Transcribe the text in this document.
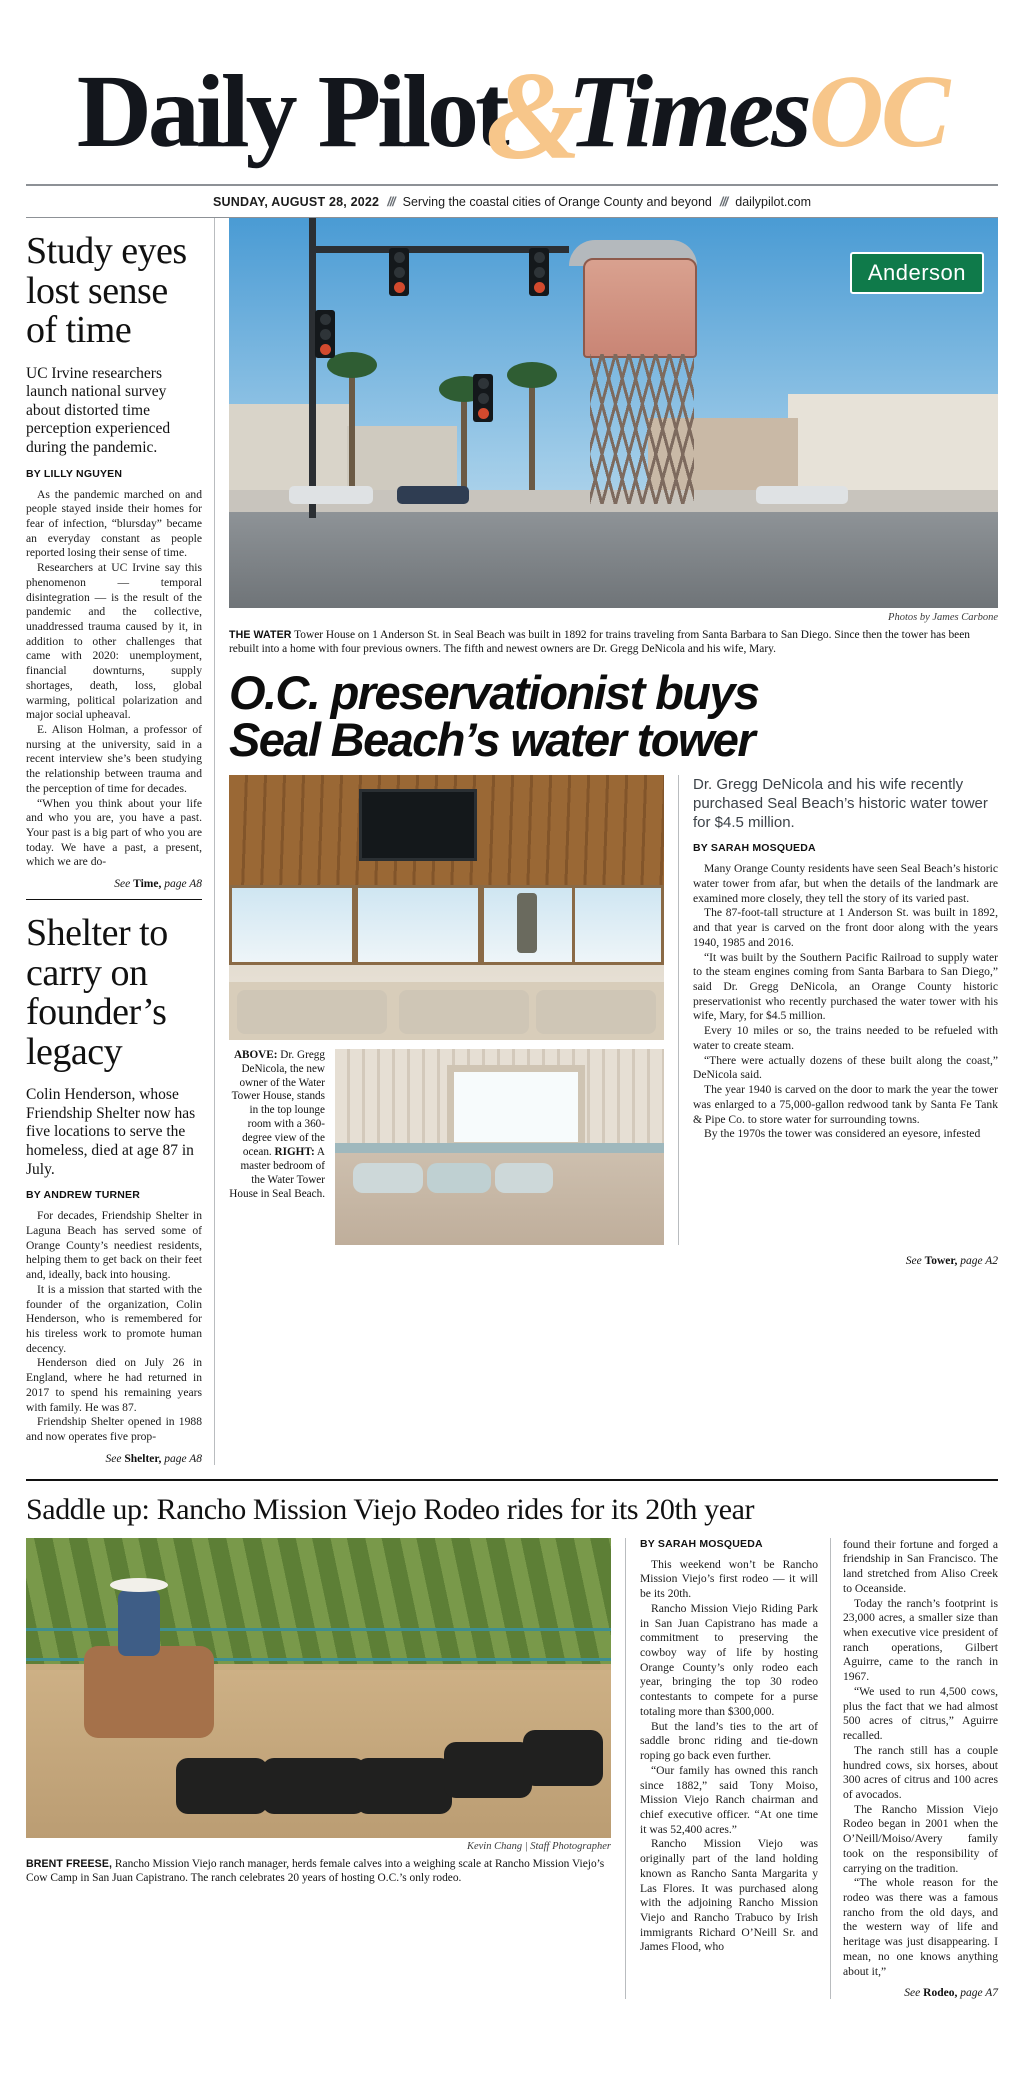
Daily Pilot&TimesOC
SUNDAY, AUGUST 28, 2022 /// Serving the coastal cities of Orange County and beyond /// dailypilot.com
Study eyes lost sense of time
UC Irvine researchers launch national survey about distorted time perception experienced during the pandemic.
BY LILLY NGUYEN

As the pandemic marched on and people stayed inside their homes for fear of infection, “blursday” became an everyday constant as people reported losing their sense of time.

Researchers at UC Irvine say this phenomenon — temporal disintegration — is the result of the pandemic and the collective, unaddressed trauma caused by it, in addition to other challenges that came with 2020: unemployment, financial downturns, supply shortages, death, loss, global warming, political polarization and major social upheaval.

E. Alison Holman, a professor of nursing at the university, said in a recent interview she’s been studying the relationship between trauma and the perception of time for decades.

“When you think about your life and who you are, you have a past. Your past is a big part of who you are today. We have a past, a present, which we are do-

See Time, page A8
Shelter to carry on founder’s legacy
Colin Henderson, whose Friendship Shelter now has five locations to serve the homeless, died at age 87 in July.
BY ANDREW TURNER

For decades, Friendship Shelter in Laguna Beach has served some of Orange County’s neediest residents, helping them to get back on their feet and, ideally, back into housing.

It is a mission that started with the founder of the organization, Colin Henderson, who is remembered for his tireless work to promote human decency.

Henderson died on July 26 in England, where he had returned in 2017 to spend his remaining years with family. He was 87.

Friendship Shelter opened in 1988 and now operates five prop-

See Shelter, page A8
Anderson
Photos by James Carbone
THE WATER Tower House on 1 Anderson St. in Seal Beach was built in 1892 for trains traveling from Santa Barbara to San Diego. Since then the tower has been rebuilt into a home with four previous owners. The fifth and newest owners are Dr. Gregg DeNicola and his wife, Mary.
O.C. preservationist buys
Seal Beach’s water tower
ABOVE: Dr. Gregg DeNicola, the new owner of the Water Tower House, stands in the top lounge room with a 360-degree view of the ocean. RIGHT: A master bedroom of the Water Tower House in Seal Beach.
Dr. Gregg DeNicola and his wife recently purchased Seal Beach’s historic water tower for $4.5 million.
BY SARAH MOSQUEDA

Many Orange County residents have seen Seal Beach’s historic water tower from afar, but when the details of the landmark are examined more closely, they tell the story of its varied past.

The 87-foot-tall structure at 1 Anderson St. was built in 1892, and that year is carved on the front door along with the years 1940, 1985 and 2016.

“It was built by the Southern Pacific Railroad to supply water to the steam engines coming from Santa Barbara to San Diego,” said Dr. Gregg DeNicola, an Orange County historic preservationist who recently purchased the water tower with his wife, Mary, for $4.5 million.

Every 10 miles or so, the trains needed to be refueled with water to create steam.

“There were actually dozens of these built along the coast,” DeNicola said.

The year 1940 is carved on the door to mark the year the tower was enlarged to a 75,000-gallon redwood tank by Santa Fe Tank & Pipe Co. to store water for surrounding towns.

By the 1970s the tower was considered an eyesore, infested

See Tower, page A2
Saddle up: Rancho Mission Viejo Rodeo rides for its 20th year
Kevin Chang | Staff Photographer
BRENT FREESE, Rancho Mission Viejo ranch manager, herds female calves into a weighing scale at Rancho Mission Viejo’s Cow Camp in San Juan Capistrano. The ranch celebrates 20 years of hosting O.C.’s only rodeo.
BY SARAH MOSQUEDA

This weekend won’t be Rancho Mission Viejo’s first rodeo — it will be its 20th.

Rancho Mission Viejo Riding Park in San Juan Capistrano has made a commitment to preserving the cowboy way of life by hosting Orange County’s only rodeo each year, bringing the top 30 rodeo contestants to compete for a purse totaling more than $300,000.

But the land’s ties to the art of saddle bronc riding and tie-down roping go back even further.

“Our family has owned this ranch since 1882,” said Tony Moiso, Mission Viejo Ranch chairman and chief executive officer. “At one time it was 52,400 acres.”

Rancho Mission Viejo was originally part of the land holding known as Rancho Santa Margarita y Las Flores. It was purchased along with the adjoining Rancho Mission Viejo and Rancho Trabuco by Irish immigrants Richard O’Neill Sr. and James Flood, who

found their fortune and forged a friendship in San Francisco. The land stretched from Aliso Creek to Oceanside.

Today the ranch’s footprint is 23,000 acres, a smaller size than when executive vice president of ranch operations, Gilbert Aguirre, came to the ranch in 1967.

“We used to run 4,500 cows, plus the fact that we had almost 500 acres of citrus,” Aguirre recalled.

The ranch still has a couple hundred cows, six horses, about 300 acres of citrus and 100 acres of avocados.

The Rancho Mission Viejo Rodeo began in 2001 when the O’Neill/Moiso/Avery family took on the responsibility of carrying on the tradition.

“The whole reason for the rodeo was there was a famous rancho from the old days, and the western way of life and heritage was just disappearing. I mean, no one knows anything about it,”

See Rodeo, page A7
